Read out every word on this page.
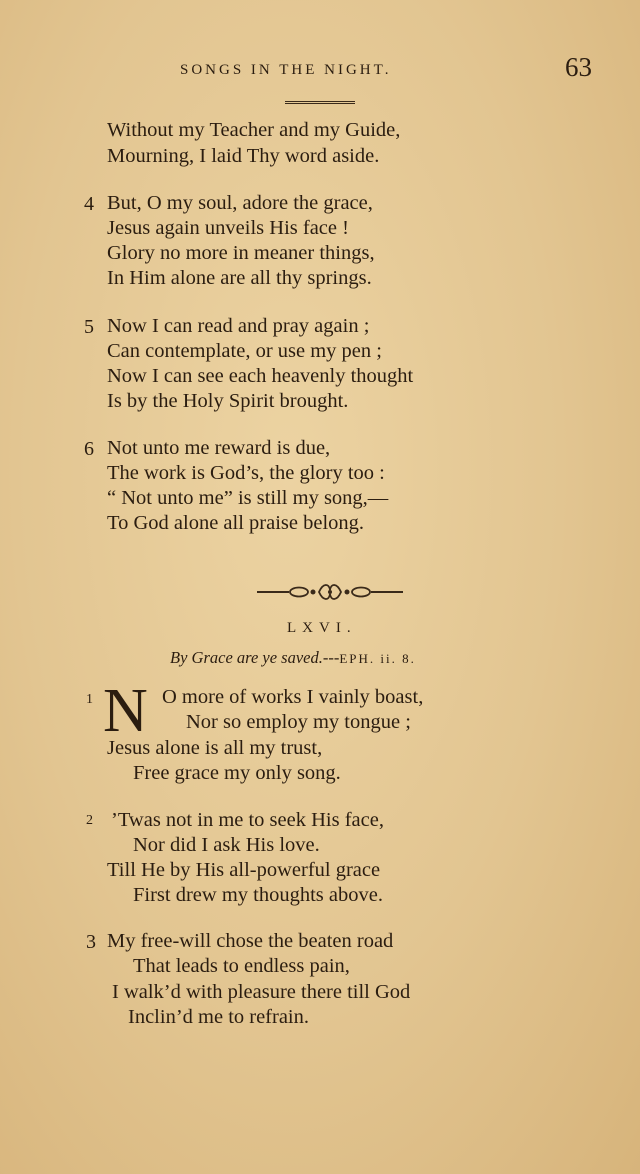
SONGS IN THE NIGHT.	63
Without my Teacher and my Guide,
Mourning, I laid Thy word aside.
4 But, O my soul, adore the grace,
Jesus again unveils His face !
Glory no more in meaner things,
In Him alone are all thy springs.
5 Now I can read and pray again ;
Can contemplate, or use my pen ;
Now I can see each heavenly thought
Is by the Holy Spirit brought.
6 Not unto me reward is due,
The work is God’s, the glory too :
“ Not unto me” is still my song,—
To God alone all praise belong.
LXVI.
By Grace are ye saved.---EPH. ii. 8.
1 N O more of works I vainly boast,
Nor so employ my tongue ;
Jesus alone is all my trust,
Free grace my only song.
2 ’Twas not in me to seek His face,
Nor did I ask His love.
Till He by His all-powerful grace
First drew my thoughts above.
3 My free-will chose the beaten road
That leads to endless pain,
I walk’d with pleasure there till God
Inclin’d me to refrain.
